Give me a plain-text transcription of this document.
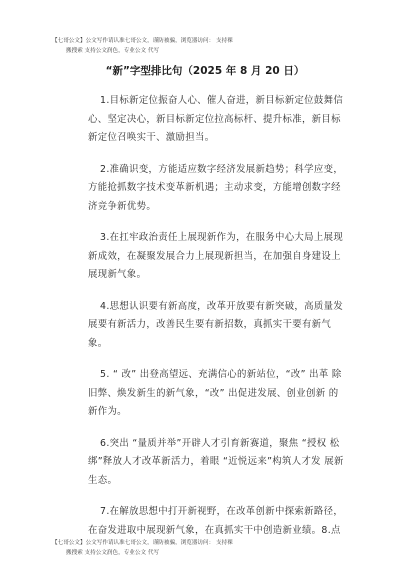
【七哥公文】公文写作请认准七哥公文，谨防被骗，浏览器访问： 支持裸
搬搜索 支持公文润色，专业公文 代写
“新”字型排比句（2025 年 8 月 20 日）

1.目标新定位振奋人心、催人奋进，新目标新定位鼓舞信心、坚定决心，新目标新定位拉高标杆、提升标准，新目标新定位召唤实干、激励担当。

2.准确识变，方能适应数字经济发展新趋势；科学应变，方能抢抓数字技术变革新机遇；主动求变，方能增创数字经济竞争新优势。

3.在扛牢政治责任上展现新作为，在服务中心大局上展现新成效，在凝聚发展合力上展现新担当，在加强自身建设上展现新气象。

4.思想认识要有新高度，改革开放要有新突破，高质量发展要有新活力，改善民生要有新招数，真抓实干要有新气象。

5. “ 改” 出登高望远、充满信心的新站位，“改” 出革 除旧弊、焕发新生的新气象，“改” 出促进发展、创业创新 的新作为。

6.突出 “量质并举”开辟人才引育新赛道，聚焦 “授权 松绑”释放人才改革新活力，着眼 “近悦远来”构筑人才发 展新生态。

7.在解放思想中打开新视野，在改革创新中探索新路径，在奋发进取中展现新气象，在真抓实干中创造新业绩。8.点

【七哥公文】公文写作请认准七哥公文，谨防被骗，浏览器访问： 支持裸
搬搜索 支持公文润色，专业公文 代写
